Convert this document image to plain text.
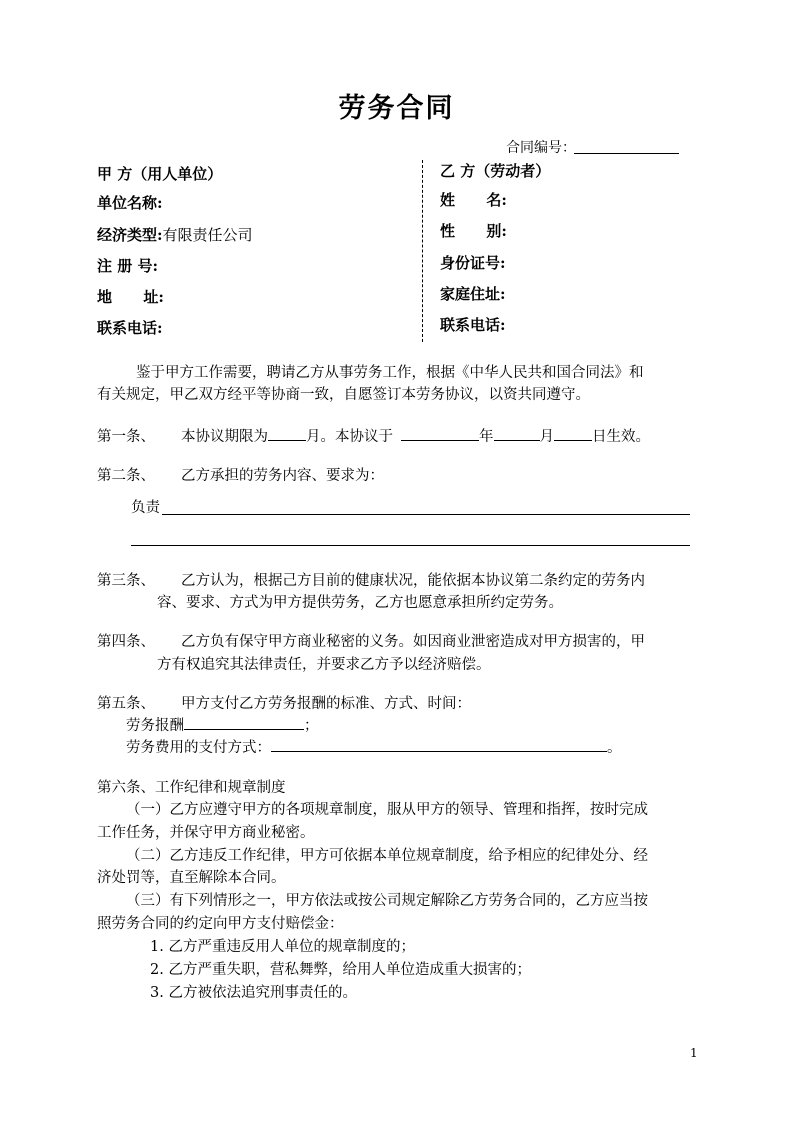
劳务合同
合同编号：
甲 方（用人单位）
单位名称:
经济类型:有限责任公司
注 册 号:
地      址:
联系电话:
乙 方（劳动者）
姓      名:
性      别:
身份证号:
家庭住址:
联系电话:
鉴于甲方工作需要，聘请乙方从事劳务工作，根据《中华人民共和国合同法》和
有关规定，甲乙双方经平等协商一致，自愿签订本劳务协议，以资共同遵守。
第一条、 本协议期限为	月。本协议于	年	月	日生效。
第二条、 乙方承担的劳务内容、要求为：
负责
第三条、 乙方认为，根据己方目前的健康状况，能依据本协议第二条约定的劳务内
容、要求、方式为甲方提供劳务，乙方也愿意承担所约定劳务。
第四条、 乙方负有保守甲方商业秘密的义务。如因商业泄密造成对甲方损害的，甲
方有权追究其法律责任，并要求乙方予以经济赔偿。
第五条、 甲方支付乙方劳务报酬的标准、方式、时间：
劳务报酬	；
劳务费用的支付方式：	。
第六条、工作纪律和规章制度
（一）乙方应遵守甲方的各项规章制度，服从甲方的领导、管理和指挥，按时完成
工作任务，并保守甲方商业秘密。
（二）乙方违反工作纪律，甲方可依据本单位规章制度，给予相应的纪律处分、经
济处罚等，直至解除本合同。
（三）有下列情形之一，甲方依法或按公司规定解除乙方劳务合同的，乙方应当按
照劳务合同的约定向甲方支付赔偿金：
1. 乙方严重违反用人单位的规章制度的；
2. 乙方严重失职，营私舞弊，给用人单位造成重大损害的；
3. 乙方被依法追究刑事责任的。
1
